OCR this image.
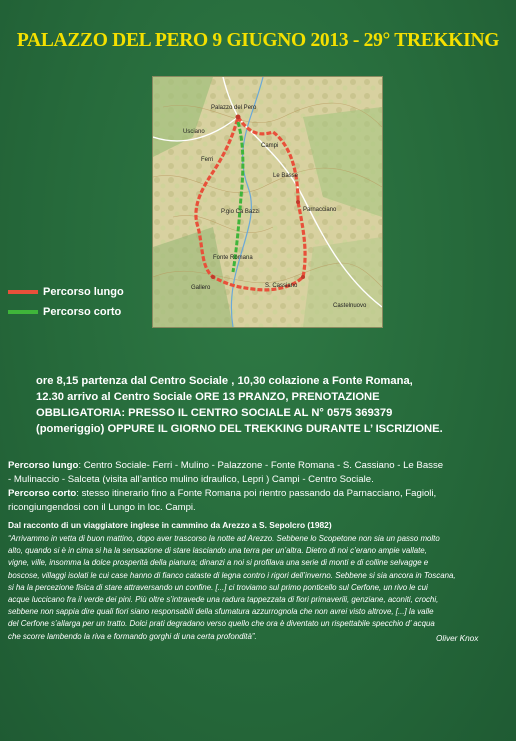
PALAZZO DEL PERO 9 GIUGNO 2013 - 29° TREKKING
Palazzo del Pero
Usciano
Ferri
Campi
Le Basse
P.gio Ca Bazzi	Parnacciano
Fonte Romana
Gallero	S. Cassiano
Castelnuovo
Percorso lungo
Percorso corto
ore 8,15 partenza dal Centro Sociale , 10,30 colazione a Fonte Romana,
12.30 arrivo al Centro Sociale ORE 13 PRANZO, PRENOTAZIONE
OBBLIGATORIA: PRESSO IL CENTRO SOCIALE AL N° 0575 369379
(pomeriggio) OPPURE IL GIORNO DEL TREKKING DURANTE L’ ISCRIZIONE.
Percorso lungo: Centro Sociale- Ferri - Mulino - Palazzone - Fonte Romana - S. Cassiano - Le Basse
- Mulinaccio - Salceta (visita all’antico mulino idraulico, Lepri ) Campi - Centro Sociale.
Percorso corto: stesso itinerario fino a Fonte Romana poi rientro passando da Parnacciano, Fagioli,
ricongiungendosi con il Lungo in loc. Campi.
Dal racconto di un viaggiatore inglese in cammino da Arezzo a S. Sepolcro (1982)
“Arrivammo in vetta di buon mattino, dopo aver trascorso la notte ad Arezzo. Sebbene lo Scopetone non sia un passo molto
alto, quando si è in cima si ha la sensazione di stare lasciando una terra per un’altra. Dietro di noi c’erano ampie vallate,
vigne, ville, insomma la dolce prosperità della pianura; dinanzi a noi si profilava una serie di monti e di colline selvagge e
boscose, villaggi isolati le cui case hanno di fianco cataste di legna contro i rigori dell’inverno. Sebbene si sia ancora in Toscana,
si ha la percezione fisica di stare attraversando un confine. [...] ci troviamo sul primo ponticello sul Cerfone, un rivo le cui
acque luccicano fra il verde dei pini. Più oltre s’intravede una radura tappezzata di fiori primaverili, genziane, aconiti, crochi,
sebbene non sappia dire quali fiori siano responsabili della sfumatura azzurrognola che non avrei visto altrove, [...] la valle
del Cerfone s’allarga per un tratto. Dolci prati degradano verso quello che ora è diventato un rispettabile specchio d’ acqua
che scorre lambendo la riva e formando gorghi di una certa profondità”.	Oliver Knox
